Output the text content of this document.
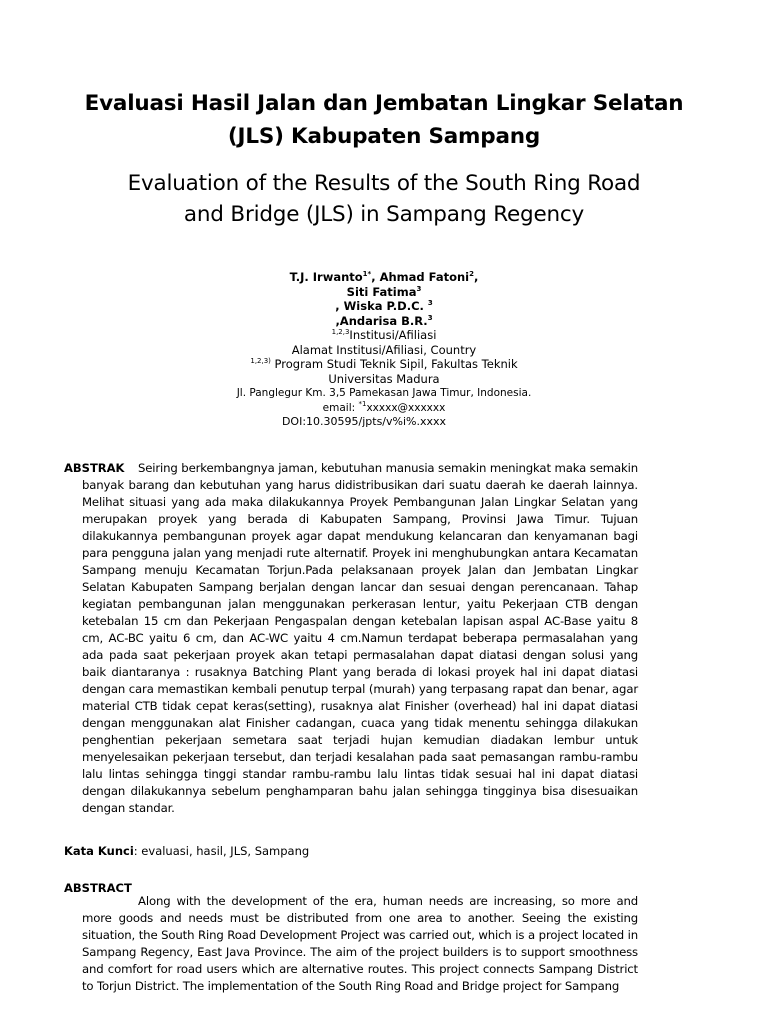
Evaluasi Hasil Jalan dan Jembatan Lingkar Selatan
(JLS) Kabupaten Sampang
Evaluation of the Results of the South Ring Road
and Bridge (JLS) in Sampang Regency
T.J. Irwanto$^{1*}$, Ahmad Fatoni$^2$,
Siti Fatima$^3$
, Wiska P.D.C. $^3$
,Andarisa B.R.$^3$
$^{1,2,3}$Institusi/Afiliasi
Alamat Institusi/Afiliasi, Country
$^{1,2,3)}$ Program Studi Teknik Sipil, Fakultas Teknik
Universitas Madura
Jl. Panglegur Km. 3,5 Pamekasan Jawa Timur, Indonesia.
email: $^{*1}$xxxxx@xxxxxx
DOI:10.30595/jpts/v%i%.xxxx
ABSTRAK	Seiring berkembangnya jaman, kebutuhan manusia semakin meningkat maka semakin banyak barang dan kebutuhan yang harus didistribusikan dari suatu daerah ke daerah lainnya. Melihat situasi yang ada maka dilakukannya Proyek Pembangunan Jalan Lingkar Selatan yang merupakan proyek yang berada di Kabupaten Sampang, Provinsi Jawa Timur. Tujuan dilakukannya pembangunan proyek agar dapat mendukung kelancaran dan kenyamanan bagi para pengguna jalan yang menjadi rute alternatif. Proyek ini menghubungkan antara Kecamatan Sampang menuju Kecamatan Torjun.Pada pelaksanaan proyek Jalan dan Jembatan Lingkar Selatan Kabupaten Sampang berjalan dengan lancar dan sesuai dengan perencanaan. Tahap kegiatan pembangunan jalan menggunakan perkerasan lentur, yaitu Pekerjaan CTB dengan ketebalan 15 cm dan Pekerjaan Pengaspalan dengan ketebalan lapisan aspal AC-Base yaitu 8 cm, AC-BC yaitu 6 cm, dan AC-WC yaitu 4 cm.Namun terdapat beberapa permasalahan yang ada pada saat pekerjaan proyek akan tetapi permasalahan dapat diatasi dengan solusi yang baik diantaranya : rusaknya Batching Plant yang berada di lokasi proyek hal ini dapat diatasi dengan cara memastikan kembali penutup terpal (murah) yang terpasang rapat dan benar, agar material CTB tidak cepat keras(setting), rusaknya alat Finisher (overhead) hal ini dapat diatasi dengan menggunakan alat Finisher cadangan, cuaca yang tidak menentu sehingga dilakukan penghentian pekerjaan semetara saat terjadi hujan kemudian diadakan lembur untuk menyelesaikan pekerjaan tersebut, dan terjadi kesalahan pada saat pemasangan rambu-rambu lalu lintas sehingga tinggi standar rambu-rambu lalu lintas tidak sesuai hal ini dapat diatasi dengan dilakukannya sebelum penghamparan bahu jalan sehingga tingginya bisa disesuaikan dengan standar.

Kata Kunci: evaluasi, hasil, JLS, Sampang
ABSTRACT

Along with the development of the era, human needs are increasing, so more and more goods and needs must be distributed from one area to another. Seeing the existing situation, the South Ring Road Development Project was carried out, which is a project located in Sampang Regency, East Java Province. The aim of the project builders is to support smoothness and comfort for road users which are alternative routes. This project connects Sampang District to Torjun District. The implementation of the South Ring Road and Bridge project for Sampang
